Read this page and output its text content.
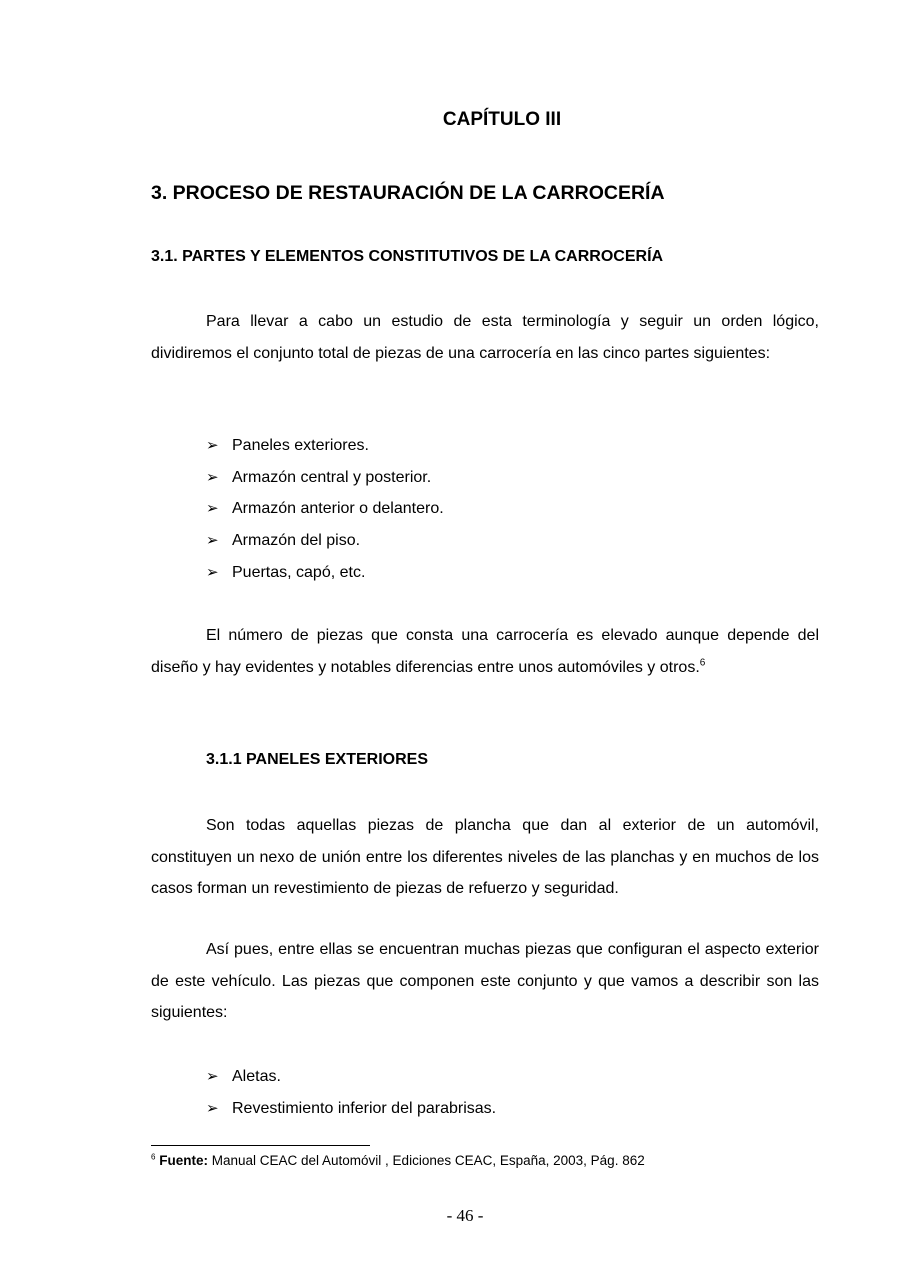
CAPÍTULO III
3. PROCESO DE RESTAURACIÓN DE LA CARROCERÍA
3.1. PARTES Y ELEMENTOS CONSTITUTIVOS DE LA CARROCERÍA

Para llevar a cabo un estudio de esta terminología y seguir un orden lógico, dividiremos el conjunto total de piezas de una carrocería en las cinco partes siguientes:

➢ Paneles exteriores.
➢ Armazón central y posterior.
➢ Armazón anterior o delantero.
➢ Armazón del piso.
➢ Puertas, capó, etc.

El número de piezas que consta una carrocería es elevado aunque depende del diseño y hay evidentes y notables diferencias entre unos automóviles y otros.$^6$

3.1.1 PANELES EXTERIORES

Son todas aquellas piezas de plancha que dan al exterior de un automóvil, constituyen un nexo de unión entre los diferentes niveles de las planchas y en muchos de los casos forman un revestimiento de piezas de refuerzo y seguridad.

Así pues, entre ellas se encuentran muchas piezas que configuran el aspecto exterior de este vehículo. Las piezas que componen este conjunto y que vamos a describir son las siguientes:

➢ Aletas.
➢ Revestimiento inferior del parabrisas.
$^6$ Fuente: Manual CEAC del Automóvil , Ediciones CEAC, España, 2003, Pág. 862
- 46 -
